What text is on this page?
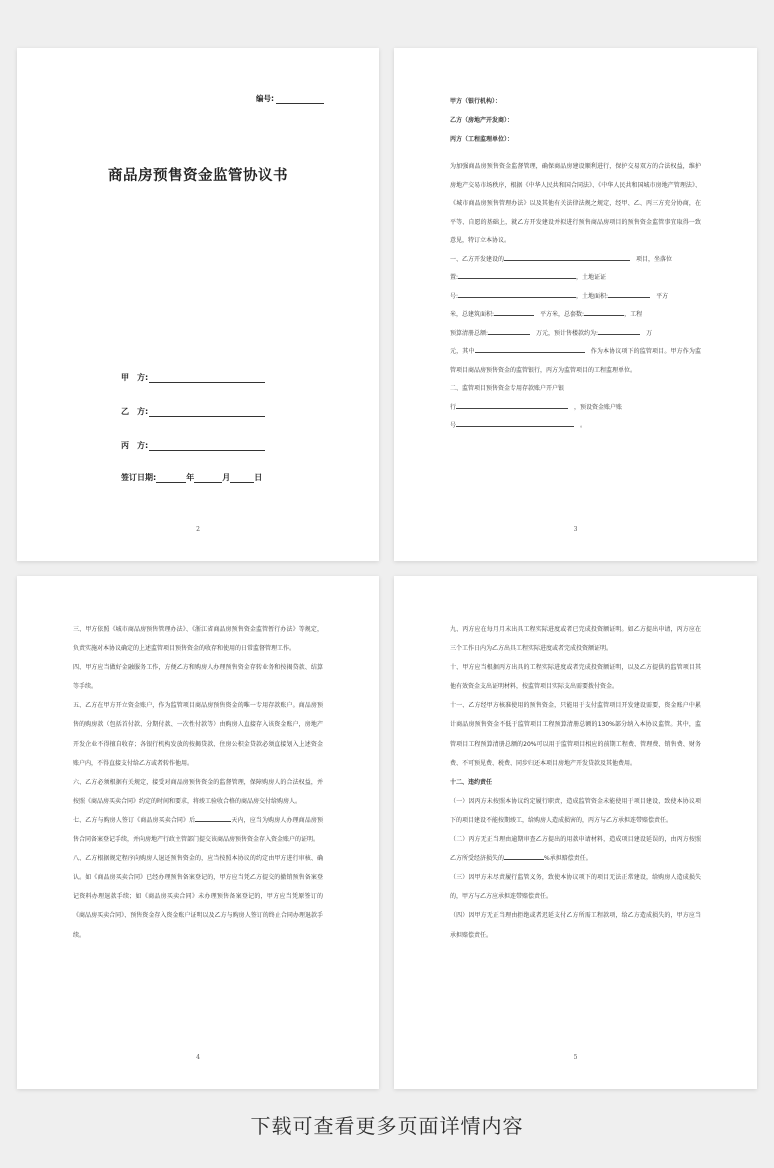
编号:
商品房预售资金监管协议书
甲　方:
乙　方:
丙　方:
签订日期:	年	月	日
2

甲方（银行机构）：

乙方（房地产开发商）：

丙方（工程监理单位）：

为加强商品房预售资金监督管理，确保商品房建设顺利进行，保护交易双方的合法权益，维护房地产交易市场秩序，根据《中华人民共和国合同法》、《中华人民共和国城市房地产管理法》、《城市商品房预售管理办法》以及其他有关法律法规之规定，经甲、乙、丙三方充分协商，在平等、自愿的基础上，就乙方开发建设并拟进行预售商品房项目的预售资金监管事宜取得一致意见，特订立本协议。

一、乙方开发建设的　	项目，坐落位
置:	，土地证证
号:	，土地面积:　	平方
米，总建筑面积:　	平方米，总套数:	，工程
预算清册总额:　	万元，预计售楼款约为:　	万
元，其中　	作为本协议项下的监管项目。甲方作为监管项目商品房预售资金的监管银行，丙方为监管项目的工程监理单位。

二、监管项目预售资金专用存款账户开户银
行　	，预设资金账户账
号　	。

3

三、甲方依照《城市商品房预售管理办法》、《浙江省商品房预售资金监管暂行办法》等规定，负责实施对本协议确定的上述监管项目预售资金的收存和使用的日常监督管理工作。

四、甲方应当做好金融服务工作，方便乙方和购房人办理预售资金存转业务和按揭贷款、结算等手续。

五、乙方在甲方开立资金账户，作为监管项目商品房预售资金的唯一专用存款账户。商品房预售的购房款（包括首付款、分期付款、一次性付款等）由购房人直接存入该资金账户，房地产开发企业不得擅自收存；各银行机构发放的按揭贷款、住房公积金贷款必须直接划入上述资金账户内，不得直接支付给乙方或者转作他用。

六、乙方必须根据有关规定，接受对商品房预售资金的监督管理，保障购房人的合法权益，并按照《商品房买卖合同》约定的时间和要求，将竣工验收合格的商品房交付给购房人。

七、乙方与购房人签订《商品房买卖合同》后	天内，应当为购房人办理商品房预售合同备案登记手续，并向房地产行政主管部门提交该商品房预售资金存入资金账户的证明。

八、乙方根据规定程序向购房人退还预售资金的，应当按照本协议的约定由甲方进行审核、确认。如《商品房买卖合同》已经办理预售备案登记的，甲方应当凭乙方提交的撤销预售备案登记资料办理退款手续；如《商品房买卖合同》未办理预售备案登记的，甲方应当凭原签订的《商品房买卖合同》、预售资金存入资金账户证明以及乙方与购房人签订的终止合同办理退款手续。

4

九、丙方应在每月月末出具工程实际进度或者已完成投资额证明。如乙方提出申请，丙方应在三个工作日内为乙方出具工程实际进度或者完成投资额证明。

十、甲方应当根据丙方出具的工程实际进度或者完成投资额证明，以及乙方提供的监管项目其他有效资金支出证明材料，按监管项目实际支出需要拨付资金。

十一、乙方经甲方核准使用的预售资金，只能用于支付监管项目开发建设需要，资金账户中累计商品房预售资金不低于监管项目工程预算清册总额的130%部分纳入本协议监管。其中，监管项目工程预算清册总额的20%可以用于监管项目相应的前期工程费、管理费、销售费、财务费、不可预见费、税费、同步归还本项目房地产开发贷款及其他费用。

十二、违约责任

（一）因丙方未按照本协议约定履行职责，造成监管资金未能使用于项目建设，致使本协议项下的项目建设不能按期竣工，给购房人造成损害的，丙方与乙方承担连带赔偿责任。

（二）丙方无正当理由逾期审查乙方提出的用款申请材料，造成项目建设延误的，由丙方按照乙方所受经济损失的	%承担赔偿责任。

（三）因甲方未尽责履行监管义务，致使本协议项下的项目无法正常建设，给购房人造成损失的，甲方与乙方应承担连带赔偿责任。

（四）因甲方无正当理由拒绝或者迟延支付乙方所需工程款项，给乙方造成损失的，甲方应当承担赔偿责任。

5
下载可查看更多页面详情内容
